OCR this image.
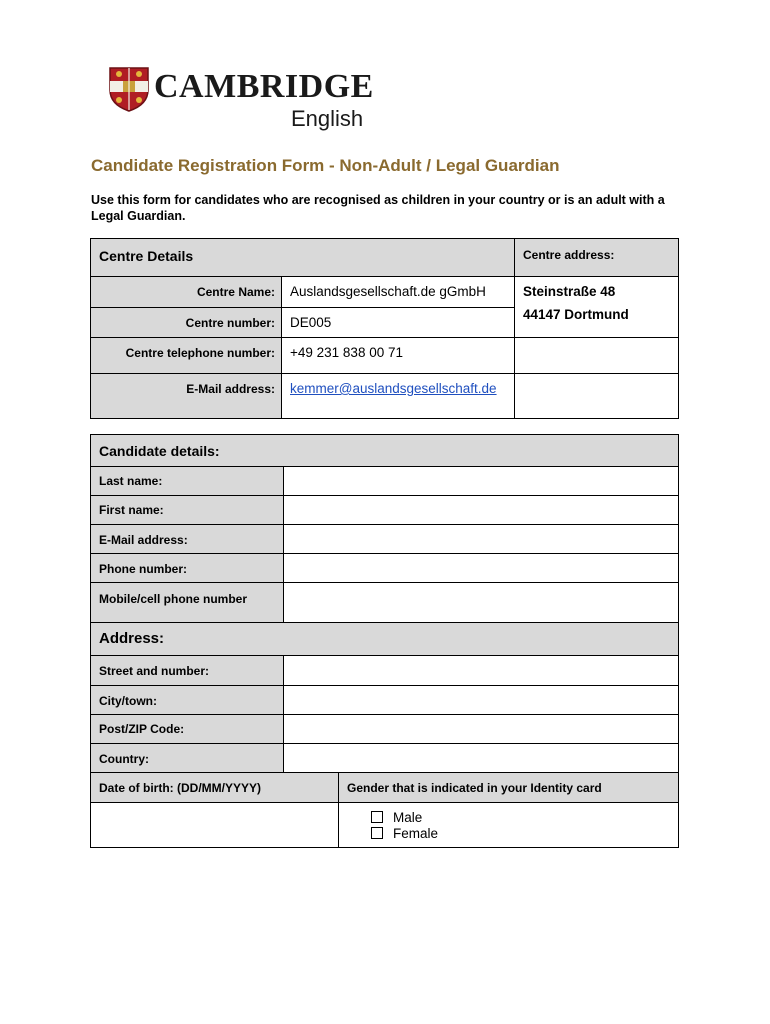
CAMBRIDGE
English
Candidate Registration Form - Non-Adult / Legal Guardian
Use this form for candidates who are recognised as children in your country or is an adult with a Legal Guardian.
Centre Details	Centre address:
Centre Name: Auslandsgesellschaft.de gGmbH
Centre number: DE005
Centre telephone number: +49 231 838 00 71
E-Mail address: kemmer@auslandsgesellschaft.de
Steinstraße 48
44147 Dortmund
Candidate details:
Last name:
First name:
E-Mail address:
Phone number:
Mobile/cell phone number
Address:
Street and number:
City/town:
Post/ZIP Code:
Country:
Date of birth: (DD/MM/YYYY)	Gender that is indicated in your Identity card
Male
Female
